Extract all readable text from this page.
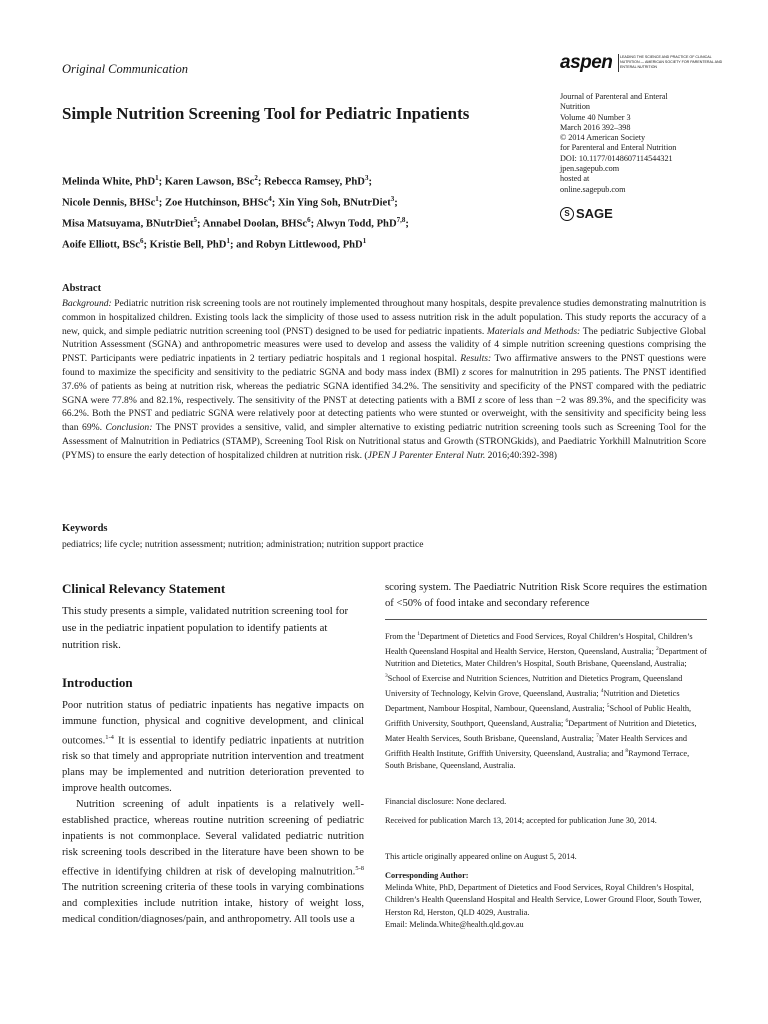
Original Communication	aspen LEADING THE SCIENCE AND PRACTICE OF CLINICAL NUTRITION — AMERICAN SOCIETY FOR PARENTERAL AND ENTERAL NUTRITION
Journal of Parenteral and Enteral
Nutrition
Volume 40 Number 3
March 2016 392–398
© 2014 American Society
for Parenteral and Enteral Nutrition
DOI: 10.1177/0148607114544321
jpen.sagepub.com
hosted at
online.sagepub.com
S SAGE
Simple Nutrition Screening Tool for Pediatric Inpatients
Melinda White, PhD$^1$; Karen Lawson, BSc$^2$; Rebecca Ramsey, PhD$^3$;
Nicole Dennis, BHSc$^1$; Zoe Hutchinson, BHSc$^4$; Xin Ying Soh, BNutrDiet$^3$;
Misa Matsuyama, BNutrDiet$^5$; Annabel Doolan, BHSc$^6$; Alwyn Todd, PhD$^{7,8}$;
Aoife Elliott, BSc$^6$; Kristie Bell, PhD$^1$; and Robyn Littlewood, PhD$^1$
Abstract
Background: Pediatric nutrition risk screening tools are not routinely implemented throughout many hospitals, despite prevalence studies demonstrating malnutrition is common in hospitalized children. Existing tools lack the simplicity of those used to assess nutrition risk in the adult population. This study reports the accuracy of a new, quick, and simple pediatric nutrition screening tool (PNST) designed to be used for pediatric inpatients. Materials and Methods: The pediatric Subjective Global Nutrition Assessment (SGNA) and anthropometric measures were used to develop and assess the validity of 4 simple nutrition screening questions comprising the PNST. Participants were pediatric inpatients in 2 tertiary pediatric hospitals and 1 regional hospital. Results: Two affirmative answers to the PNST questions were found to maximize the specificity and sensitivity to the pediatric SGNA and body mass index (BMI) z scores for malnutrition in 295 patients. The PNST identified 37.6% of patients as being at nutrition risk, whereas the pediatric SGNA identified 34.2%. The sensitivity and specificity of the PNST compared with the pediatric SGNA were 77.8% and 82.1%, respectively. The sensitivity of the PNST at detecting patients with a BMI z score of less than −2 was 89.3%, and the specificity was 66.2%. Both the PNST and pediatric SGNA were relatively poor at detecting patients who were stunted or overweight, with the sensitivity and specificity being less than 69%. Conclusion: The PNST provides a sensitive, valid, and simpler alternative to existing pediatric nutrition screening tools such as Screening Tool for the Assessment of Malnutrition in Pediatrics (STAMP), Screening Tool Risk on Nutritional status and Growth (STRONGkids), and Paediatric Yorkhill Malnutrition Score (PYMS) to ensure the early detection of hospitalized children at nutrition risk. (JPEN J Parenter Enteral Nutr. 2016;40:392-398)
Keywords
pediatrics; life cycle; nutrition assessment; nutrition; administration; nutrition support practice
Clinical Relevancy Statement
This study presents a simple, validated nutrition screening tool for use in the pediatric inpatient population to identify patients at nutrition risk.
Introduction

Poor nutrition status of pediatric inpatients has negative impacts on immune function, physical and cognitive development, and clinical outcomes.$^{1-4}$ It is essential to identify pediatric inpatients at nutrition risk so that timely and appropriate nutrition intervention and treatment plans may be implemented and nutrition deterioration prevented to improve health outcomes.

Nutrition screening of adult inpatients is a relatively well-established practice, whereas routine nutrition screening of pediatric inpatients is not commonplace. Several validated pediatric nutrition risk screening tools described in the literature have been shown to be effective in identifying children at risk of developing malnutrition.$^{5-8}$ The nutrition screening criteria of these tools in varying combinations and complexities include nutrition intake, history of weight loss, medical condition/diagnoses/pain, and anthropometry. All tools use a

scoring system. The Paediatric Nutrition Risk Score requires the estimation of <50% of food intake and secondary reference
From the $^1$Department of Dietetics and Food Services, Royal Children’s Hospital, Children’s Health Queensland Hospital and Health Service, Herston, Queensland, Australia; $^2$Department of Nutrition and Dietetics, Mater Children’s Hospital, South Brisbane, Queensland, Australia; $^3$School of Exercise and Nutrition Sciences, Nutrition and Dietetics Program, Queensland University of Technology, Kelvin Grove, Queensland, Australia; $^4$Nutrition and Dietetics Department, Nambour Hospital, Nambour, Queensland, Australia; $^5$School of Public Health, Griffith University, Southport, Queensland, Australia; $^6$Department of Nutrition and Dietetics, Mater Health Services, South Brisbane, Queensland, Australia; $^7$Mater Health Services and Griffith Health Institute, Griffith University, Queensland, Australia; and $^8$Raymond Terrace, South Brisbane, Queensland, Australia.
Financial disclosure: None declared.
Received for publication March 13, 2014; accepted for publication June 30, 2014.
This article originally appeared online on August 5, 2014.
Corresponding Author:
Melinda White, PhD, Department of Dietetics and Food Services, Royal Children’s Hospital, Children’s Health Queensland Hospital and Health Service, Lower Ground Floor, South Tower, Herston Rd, Herston, QLD 4029, Australia.
Email: Melinda.White@health.qld.gov.au
